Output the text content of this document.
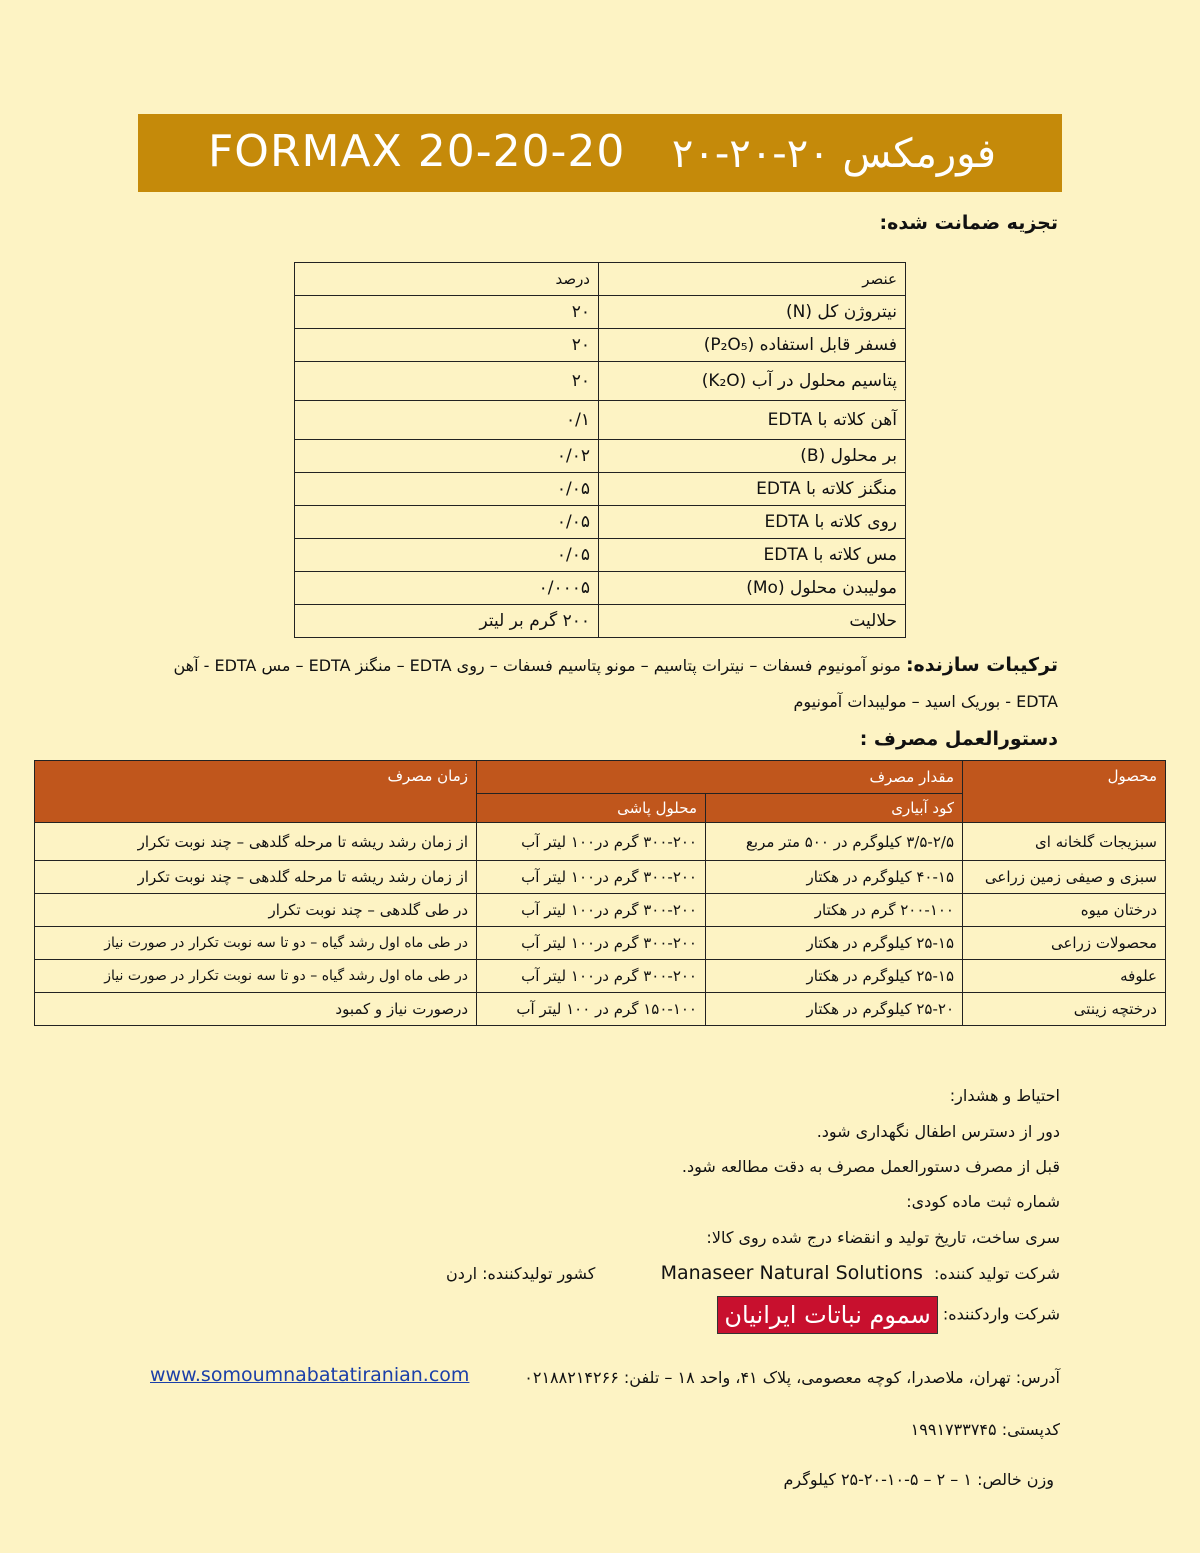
FORMAX 20-20-20 فورمکس ۲۰-۲۰-۲۰
تجزیه ضمانت شده:
عنصر	درصد
نیتروژن کل (N)	۲۰
فسفر قابل استفاده (P₂O₅)	۲۰
پتاسیم محلول در آب (K₂O)	۲۰
آهن کلاته با EDTA	۰/۱
بر محلول (B)	۰/۰۲
منگنز کلاته با EDTA	۰/۰۵
روی کلاته با EDTA	۰/۰۵
مس کلاته با EDTA	۰/۰۵
مولیبدن محلول (Mo)	۰/۰۰۰۵
حلالیت	۲۰۰ گرم بر لیتر
ترکیبات سازنده: مونو آمونیوم فسفات – نیترات پتاسیم – مونو پتاسیم فسفات – روی EDTA – منگنز EDTA – مس EDTA - آهن
EDTA - بوریک اسید – مولیبدات آمونیوم
دستورالعمل مصرف :
محصول	مقدار مصرف		زمان مصرف
	کود آبیاری	محلول پاشی	
سبزیجات گلخانه ای	۳/۵-۲/۵ کیلوگرم در ۵۰۰ متر مربع	۳۰۰-۲۰۰ گرم در۱۰۰ لیتر آب	از زمان رشد ریشه تا مرحله گلدهی – چند نوبت تکرار
سبزی و صیفی زمین زراعی	۴۰-۱۵ کیلوگرم در هکتار	۳۰۰-۲۰۰ گرم در۱۰۰ لیتر آب	از زمان رشد ریشه تا مرحله گلدهی – چند نوبت تکرار
درختان میوه	۲۰۰-۱۰۰ گرم در هکتار	۳۰۰-۲۰۰ گرم در۱۰۰ لیتر آب	در طی گلدهی – چند نوبت تکرار
محصولات زراعی	۲۵-۱۵ کیلوگرم در هکتار	۳۰۰-۲۰۰ گرم در۱۰۰ لیتر آب	در طی ماه اول رشد گیاه – دو تا سه نوبت تکرار در صورت نیاز
علوفه	۲۵-۱۵ کیلوگرم در هکتار	۳۰۰-۲۰۰ گرم در۱۰۰ لیتر آب	در طی ماه اول رشد گیاه – دو تا سه نوبت تکرار در صورت نیاز
درختچه زینتی	۲۵-۲۰ کیلوگرم در هکتار	۱۵۰-۱۰۰ گرم در ۱۰۰ لیتر آب	درصورت نیاز و کمبود
احتیاط و هشدار:
دور از دسترس اطفال نگهداری شود.
قبل از مصرف دستورالعمل مصرف به دقت مطالعه شود.
شماره ثبت ماده کودی:
سری ساخت، تاریخ تولید و انقضاء درج شده روی کالا:
شرکت تولید کننده: Manaseer Natural Solutions
کشور تولیدکننده: اردن
شرکت واردکننده: سموم نباتات ایرانیان
آدرس: تهران، ملاصدرا، کوچه معصومی، پلاک ۴۱، واحد ۱۸ – تلفن: ۰۲۱۸۸۲۱۴۲۶۶
www.somoumnabatatiranian.com
کدپستی: ۱۹۹۱۷۳۳۷۴۵
وزن خالص: ۱ – ۲ – ۵-۱۰-۲۰-۲۵ کیلوگرم
